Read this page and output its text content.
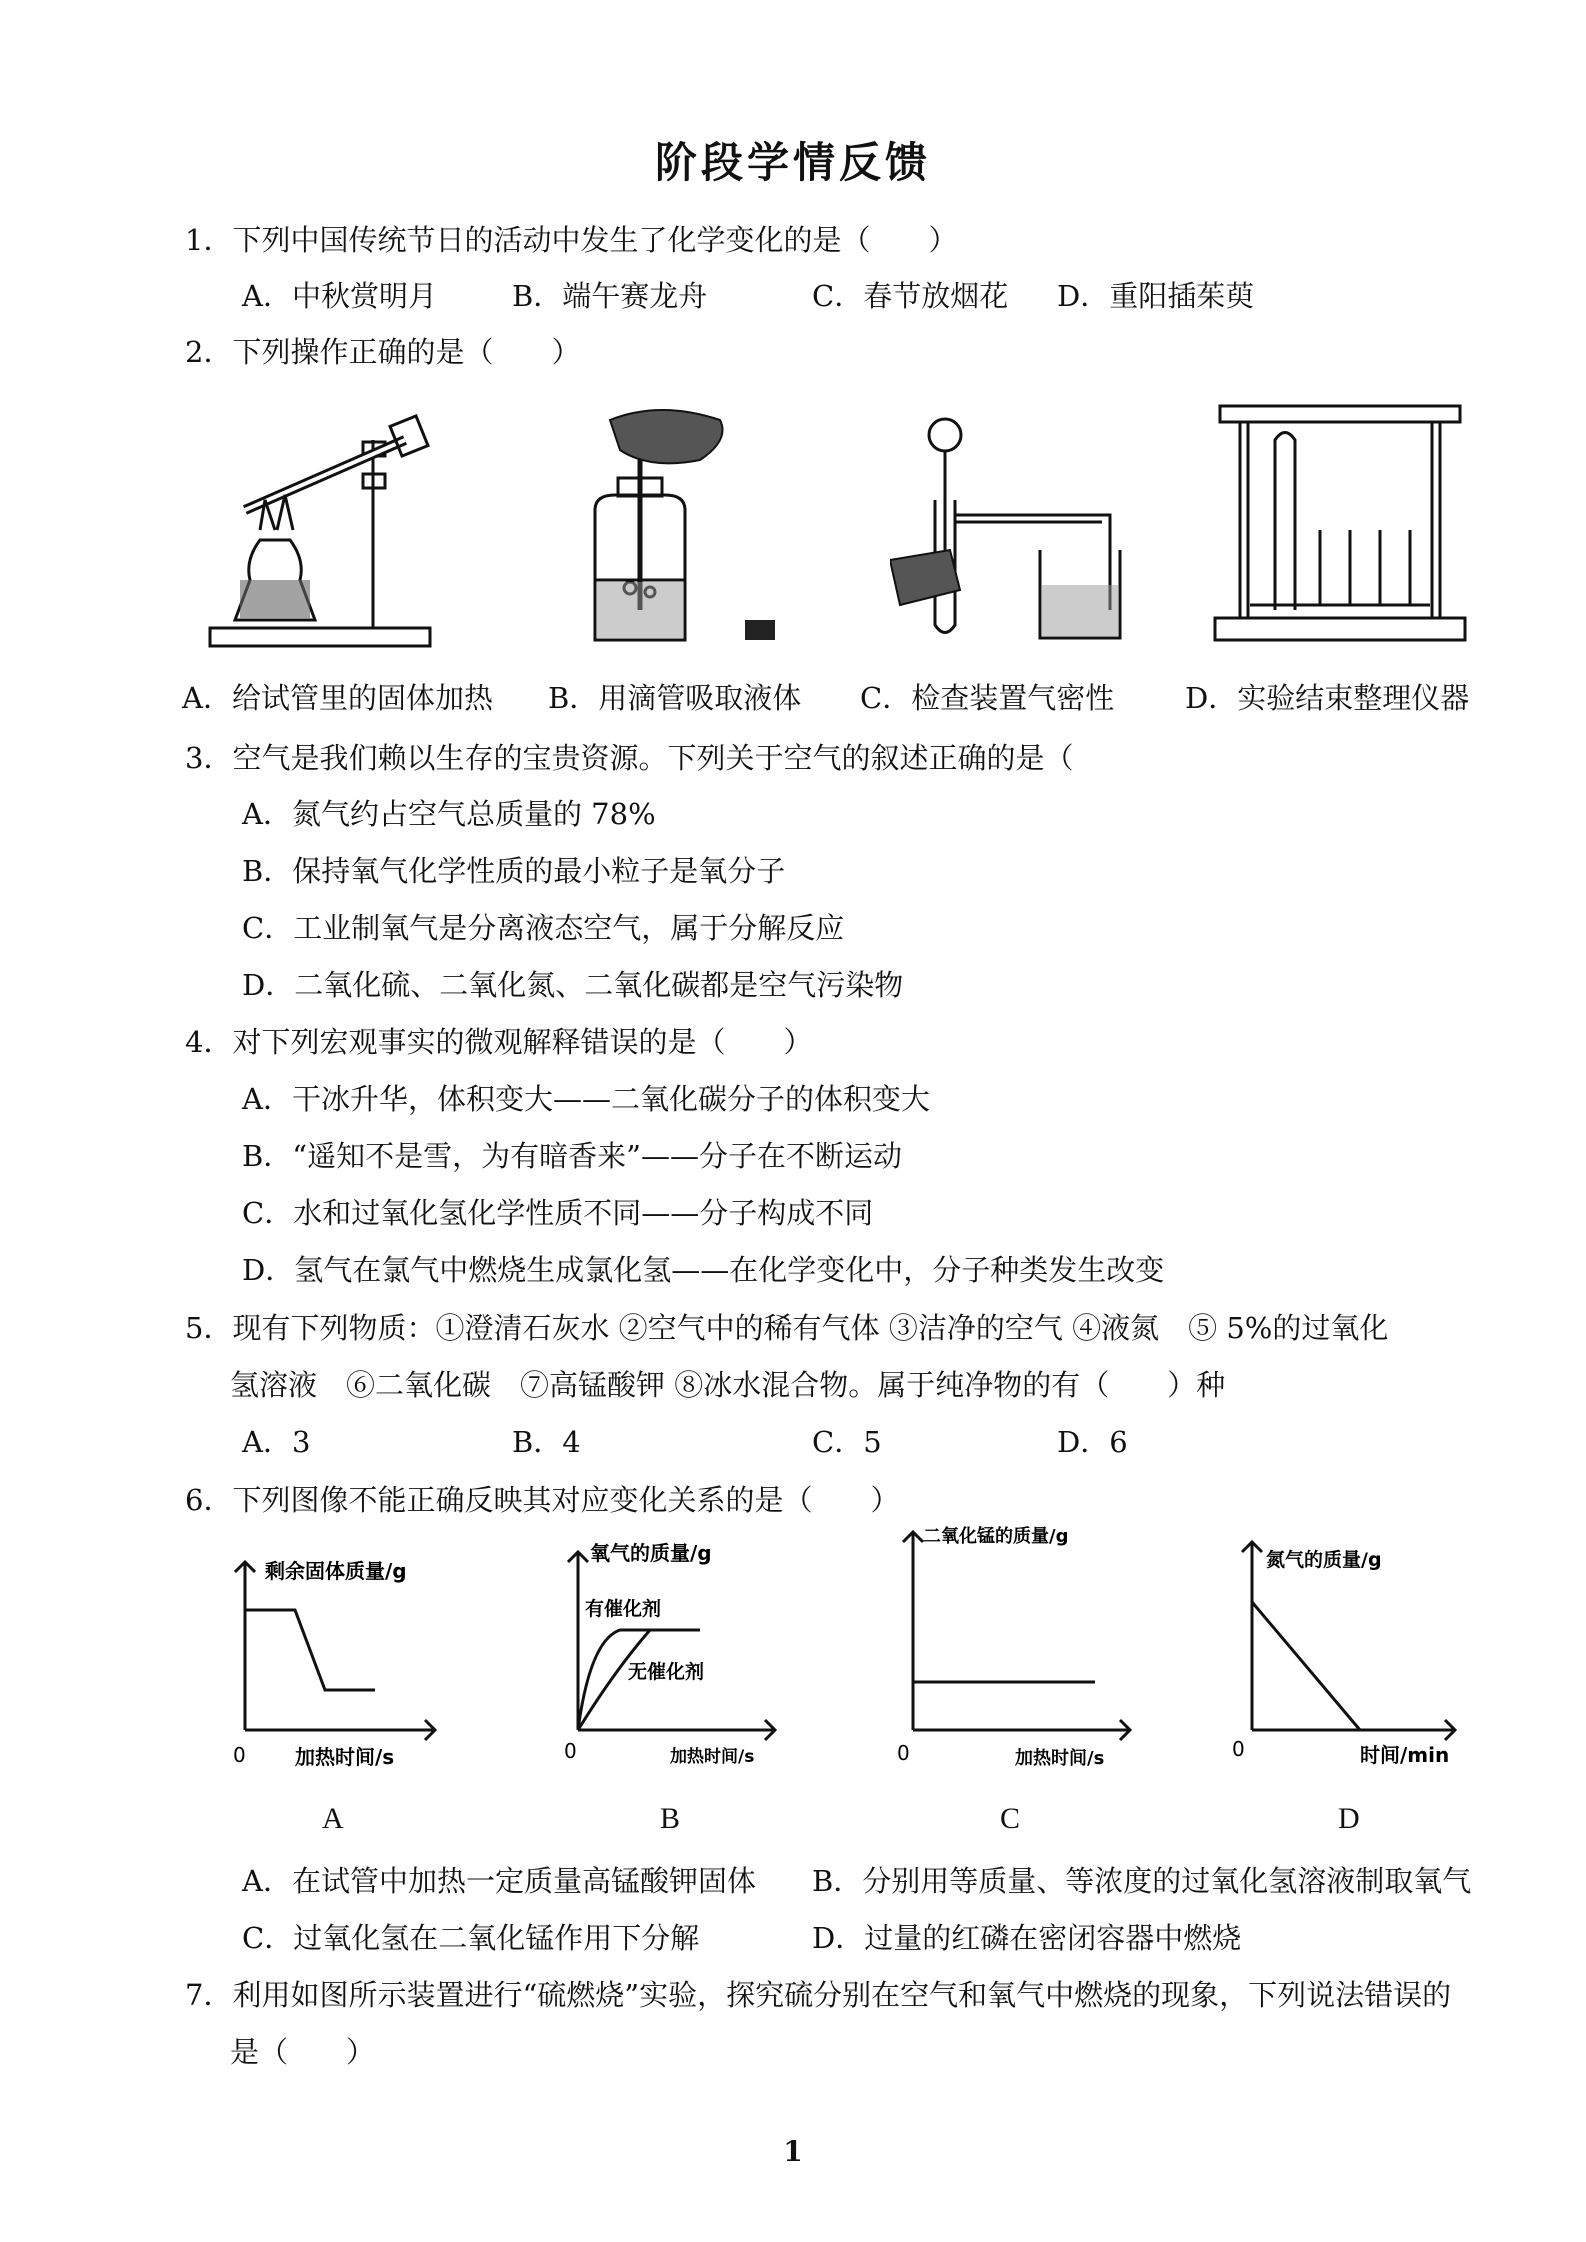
阶段学情反馈
1．下列中国传统节日的活动中发生了化学变化的是（　　）
A．中秋赏明月	B．端午赛龙舟	C．春节放烟花 D．重阳插茱萸
2．下列操作正确的是（　　）
A．给试管里的固体加热 B．用滴管吸取液体 C．检查装置气密性 D．实验结束整理仪器
3．空气是我们赖以生存的宝贵资源。下列关于空气的叙述正确的是（
A．氮气约占空气总质量的 78%
B．保持氧气化学性质的最小粒子是氧分子
C．工业制氧气是分离液态空气，属于分解反应
D．二氧化硫、二氧化氮、二氧化碳都是空气污染物
4．对下列宏观事实的微观解释错误的是（　　）
A．干冰升华，体积变大——二氧化碳分子的体积变大
B．“遥知不是雪，为有暗香来”——分子在不断运动
C．水和过氧化氢化学性质不同——分子构成不同
D．氢气在氯气中燃烧生成氯化氢——在化学变化中，分子种类发生改变
5．现有下列物质：①澄清石灰水 ②空气中的稀有气体 ③洁净的空气 ④液氮　⑤ 5%的过氧化
氢溶液　⑥二氧化碳　⑦高锰酸钾 ⑧冰水混合物。属于纯净物的有（　　）种
A．3	B．4	C．5	D．6
6．下列图像不能正确反映其对应变化关系的是（　　）
剩余固体质量/g
0 加热时间/s
氧气的质量/g
有催化剂
无催化剂
0	加热时间/s
二氧化锰的质量/g
0	加热时间/s
氮气的质量/g
0	时间/min
A	B	C	D
A．在试管中加热一定质量高锰酸钾固体 B．分别用等质量、等浓度的过氧化氢溶液制取氧气
C．过氧化氢在二氧化锰作用下分解	D．过量的红磷在密闭容器中燃烧
7．利用如图所示装置进行“硫燃烧”实验，探究硫分别在空气和氧气中燃烧的现象，下列说法错误的
是（　　）
1
